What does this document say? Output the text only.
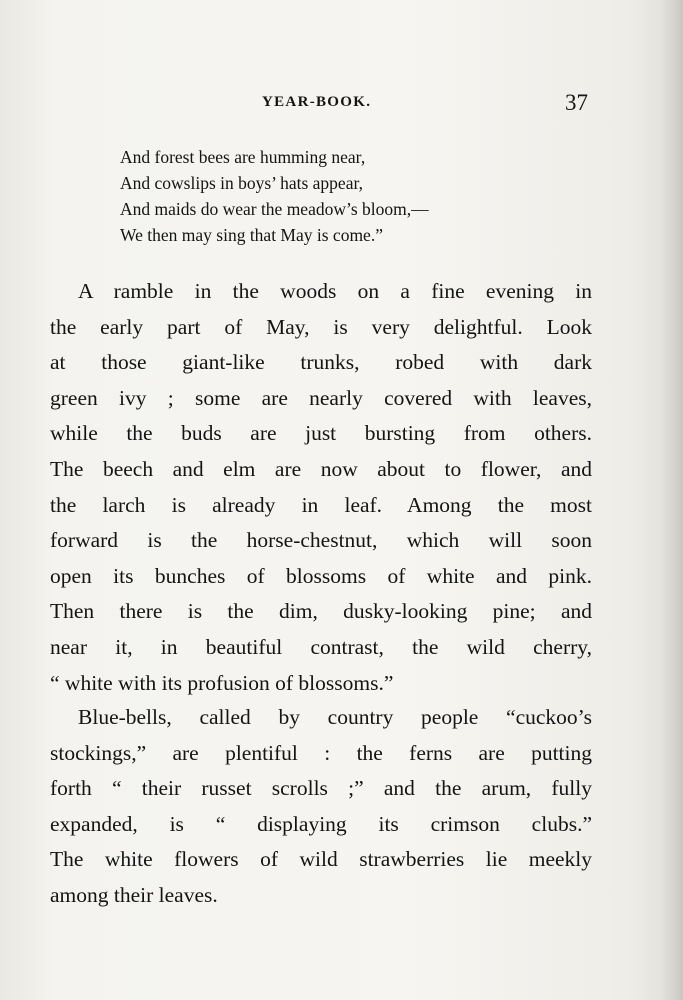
YEAR-BOOK.	37
And forest bees are humming near,
And cowslips in boys’ hats appear,
And maids do wear the meadow’s bloom,—
We then may sing that May is come.”
A ramble in the woods on a fine evening in
the early part of May, is very delightful. Look
at those giant-like trunks, robed with dark
green ivy ; some are nearly covered with leaves,
while the buds are just bursting from others.
The beech and elm are now about to flower, and
the larch is already in leaf. Among the most
forward is the horse-chestnut, which will soon
open its bunches of blossoms of white and pink.
Then there is the dim, dusky-looking pine; and
near it, in beautiful contrast, the wild cherry,
“ white with its profusion of blossoms.”
Blue-bells, called by country people “cuckoo’s
stockings,” are plentiful : the ferns are putting
forth “ their russet scrolls ;” and the arum, fully
expanded, is “ displaying its crimson clubs.”
The white flowers of wild strawberries lie meekly
among their leaves.
